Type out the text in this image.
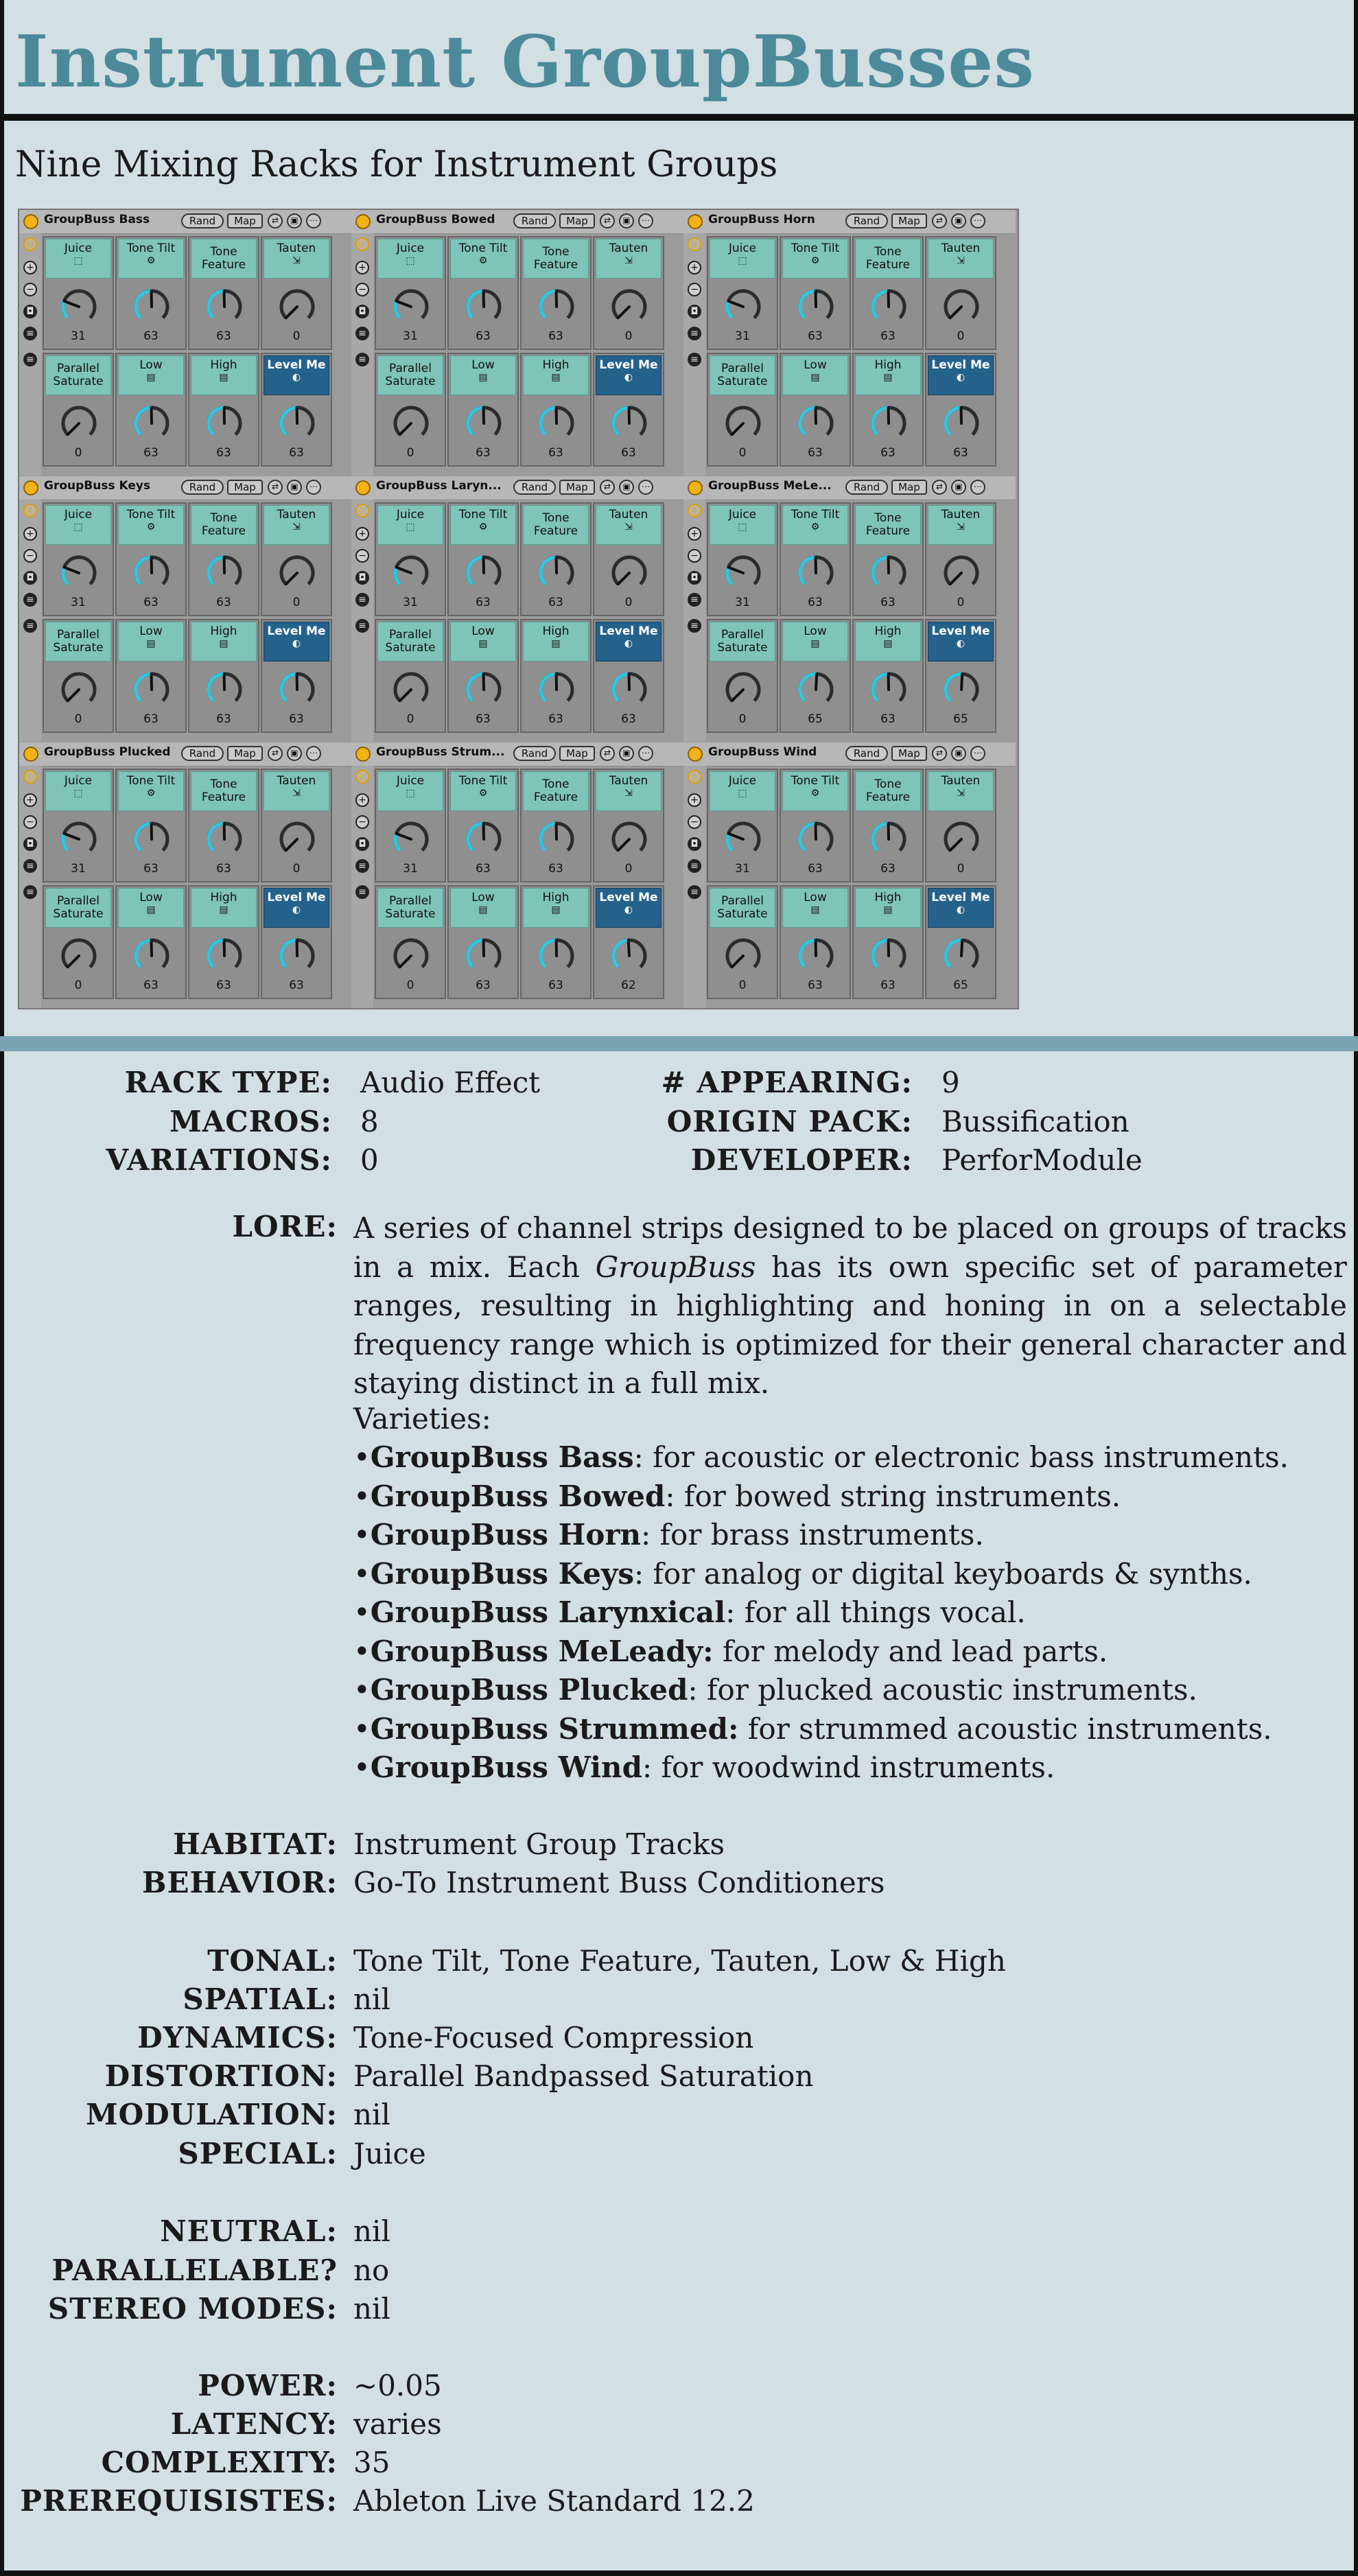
Instrument GroupBusses
Nine Mixing Racks for Instrument Groups
GroupBuss Bass	Rand	Map	⇄	▣	⋯
◎
+
−
◘
≡
≡
Juice
⬚
31
Tone Tilt
⚙
63
Tone Feature
63
Tauten
⇲
0
Parallel Saturate
0
Low
▤
63
High
▤
63
Level Me
◐
63
GroupBuss Bowed	Rand	Map	⇄	▣	⋯
◎
+
−
◘
≡
≡
Juice
⬚
31
Tone Tilt
⚙
63
Tone Feature
63
Tauten
⇲
0
Parallel Saturate
0
Low
▤
63
High
▤
63
Level Me
◐
63
GroupBuss Horn	Rand	Map	⇄	▣	⋯
◎
+
−
◘
≡
≡
Juice
⬚
31
Tone Tilt
⚙
63
Tone Feature
63
Tauten
⇲
0
Parallel Saturate
0
Low
▤
63
High
▤
63
Level Me
◐
63
GroupBuss Keys	Rand	Map	⇄	▣	⋯
◎
+
−
◘
≡
≡
Juice
⬚
31
Tone Tilt
⚙
63
Tone Feature
63
Tauten
⇲
0
Parallel Saturate
0
Low
▤
63
High
▤
63
Level Me
◐
63
GroupBuss Laryn...	Rand	Map	⇄	▣	⋯
◎
+
−
◘
≡
≡
Juice
⬚
31
Tone Tilt
⚙
63
Tone Feature
63
Tauten
⇲
0
Parallel Saturate
0
Low
▤
63
High
▤
63
Level Me
◐
63
GroupBuss MeLe...	Rand	Map	⇄	▣	⋯
◎
+
−
◘
≡
≡
Juice
⬚
31
Tone Tilt
⚙
63
Tone Feature
63
Tauten
⇲
0
Parallel Saturate
0
Low
▤
65
High
▤
63
Level Me
◐
65
GroupBuss Plucked	Rand	Map	⇄	▣	⋯
◎
+
−
◘
≡
≡
Juice
⬚
31
Tone Tilt
⚙
63
Tone Feature
63
Tauten
⇲
0
Parallel Saturate
0
Low
▤
63
High
▤
63
Level Me
◐
63
GroupBuss Strum...	Rand	Map	⇄	▣	⋯
◎
+
−
◘
≡
≡
Juice
⬚
31
Tone Tilt
⚙
63
Tone Feature
63
Tauten
⇲
0
Parallel Saturate
0
Low
▤
63
High
▤
63
Level Me
◐
62
GroupBuss Wind	Rand	Map	⇄	▣	⋯
◎
+
−
◘
≡
≡
Juice
⬚
31
Tone Tilt
⚙
63
Tone Feature
63
Tauten
⇲
0
Parallel Saturate
0
Low
▤
63
High
▤
63
Level Me
◐
65
RACK TYPE: Audio Effect
MACROS: 8
VARIATIONS: 0
# APPEARING: 9
ORIGIN PACK: Bussification
DEVELOPER: PerforModule
LORE: A series of channel strips designed to be placed on groups of tracks in a mix. Each GroupBuss has its own specific set of parameter ranges, resulting in highlighting and honing in on a selectable frequency range which is optimized for their general character and staying distinct in a full mix.

Varieties:
•GroupBuss Bass: for acoustic or electronic bass instruments.
•GroupBuss Bowed: for bowed string instruments.
•GroupBuss Horn: for brass instruments.
•GroupBuss Keys: for analog or digital keyboards & synths.
•GroupBuss Larynxical: for all things vocal.
•GroupBuss MeLeady: for melody and lead parts.
•GroupBuss Plucked: for plucked acoustic instruments.
•GroupBuss Strummed: for strummed acoustic instruments.
•GroupBuss Wind: for woodwind instruments.
HABITAT: Instrument Group Tracks
BEHAVIOR: Go-To Instrument Buss Conditioners
TONAL: Tone Tilt, Tone Feature, Tauten, Low & High
SPATIAL: nil
DYNAMICS: Tone-Focused Compression
DISTORTION: Parallel Bandpassed Saturation
MODULATION: nil
SPECIAL: Juice
NEUTRAL: nil
PARALLELABLE? no
STEREO MODES: nil
POWER: ~0.05
LATENCY: varies
COMPLEXITY: 35
PREREQUISISTES: Ableton Live Standard 12.2
